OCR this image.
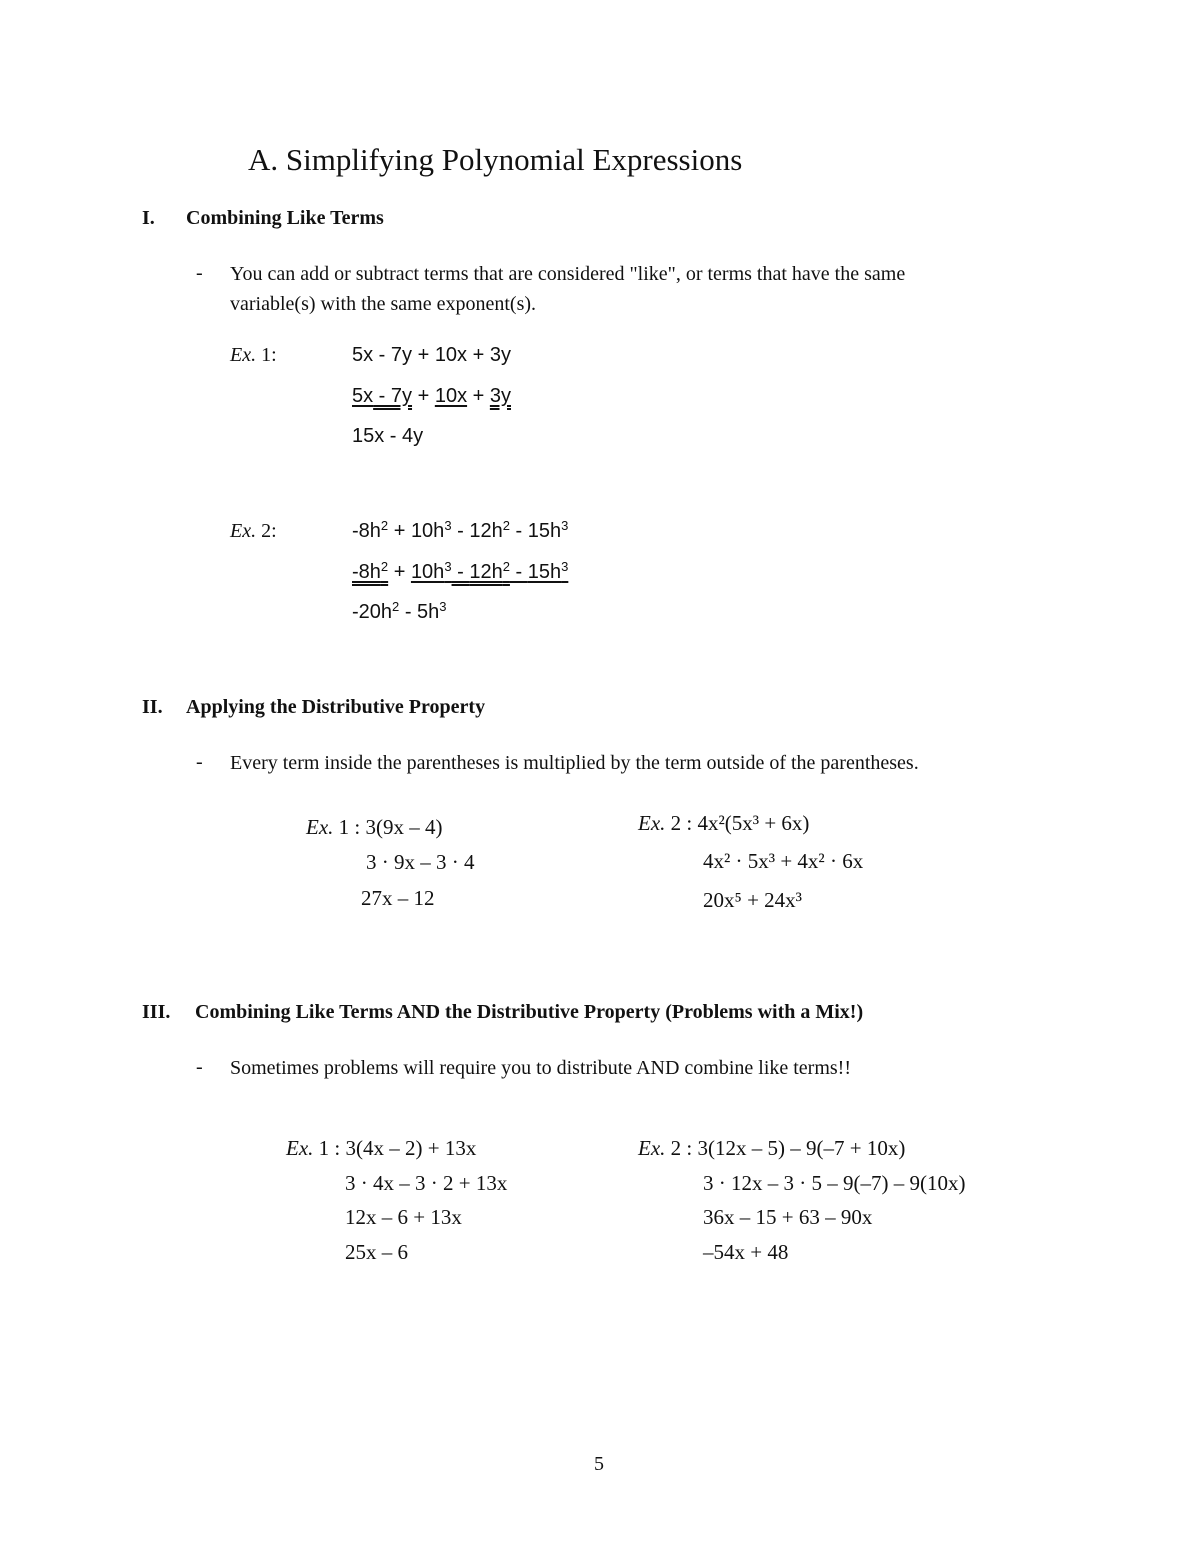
A. Simplifying Polynomial Expressions
I. Combining Like Terms
- You can add or subtract terms that are considered "like", or terms that have the same
variable(s) with the same exponent(s).
Ex. 1:	5x - 7y + 10x + 3y
5x - 7y + 10x + 3y
15x - 4y
Ex. 2:	$-8h^2 + 10h^3 - 12h^2 - 15h^3$
$-8h^2 + 10h^3 - 12h^2 - 15h^3$
$-20h^2 - 5h^3$
II. Applying the Distributive Property
- Every term inside the parentheses is multiplied by the term outside of the parentheses.
Ex. 1 : 3(9x – 4)
3 · 9x – 3 · 4
27x – 12
Ex. 2 : 4x²(5x³ + 6x)
4x² · 5x³ + 4x² · 6x
20x⁵ + 24x³
III. Combining Like Terms AND the Distributive Property (Problems with a Mix!)
- Sometimes problems will require you to distribute AND combine like terms!!
Ex. 1 : 3(4x – 2) + 13x
3 · 4x – 3 · 2 + 13x
12x – 6 + 13x
25x – 6
Ex. 2 : 3(12x – 5) – 9(–7 + 10x)
3 · 12x – 3 · 5 – 9(–7) – 9(10x)
36x – 15 + 63 – 90x
–54x + 48
5
